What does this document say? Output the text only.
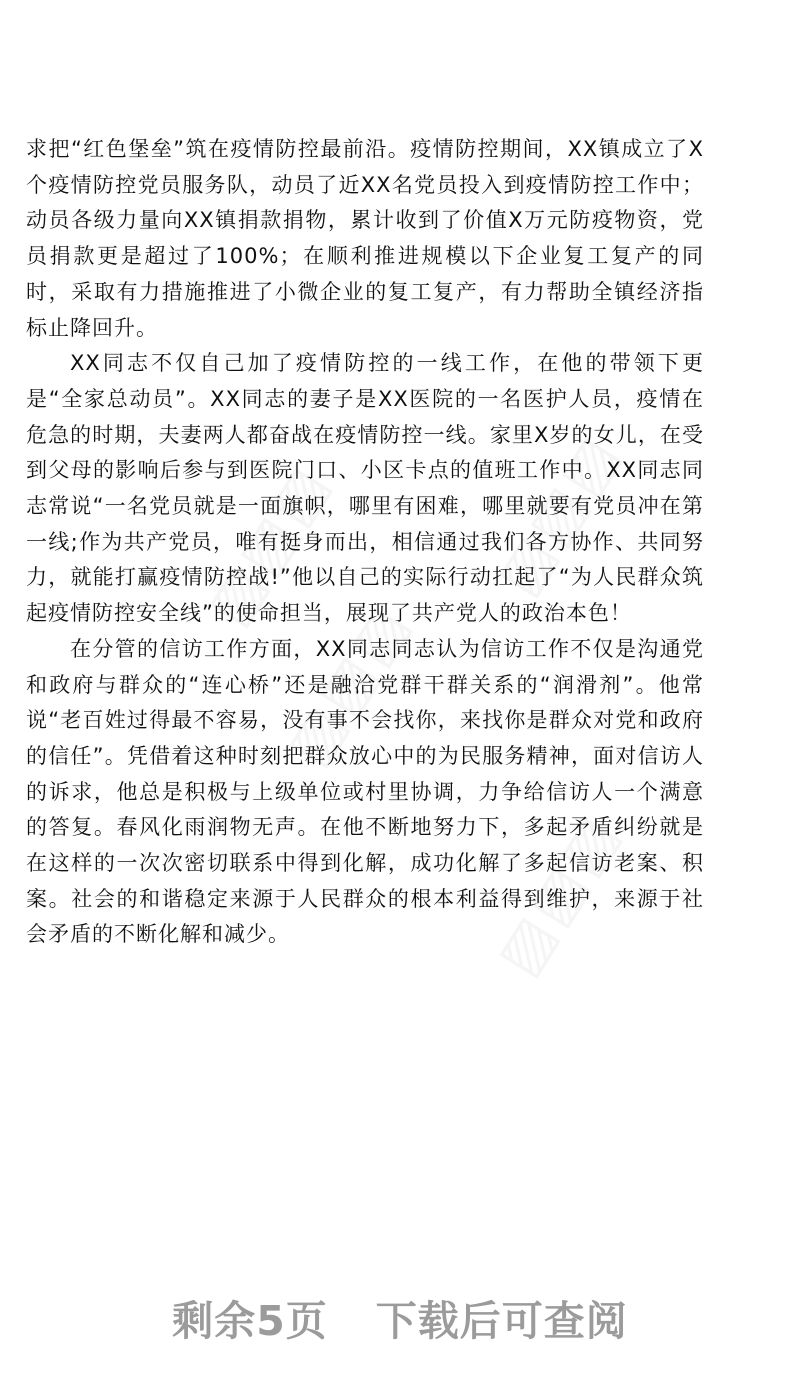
▨▨▨ ▨▨▨
▨▨▨
▨▨▨

求把“红色堡垒”筑在疫情防控最前沿。疫情防控期间，XX镇成立了X个疫情防控党员服务队，动员了近XX名党员投入到疫情防控工作中；动员各级力量向XX镇捐款捐物，累计收到了价值X万元防疫物资，党员捐款更是超过了100%；在顺利推进规模以下企业复工复产的同时，采取有力措施推进了小微企业的复工复产，有力帮助全镇经济指标止降回升。

XX同志不仅自己加了疫情防控的一线工作，在他的带领下更是“全家总动员”。XX同志的妻子是XX医院的一名医护人员，疫情在危急的时期，夫妻两人都奋战在疫情防控一线。家里X岁的女儿，在受到父母的影响后参与到医院门口、小区卡点的值班工作中。XX同志同志常说“一名党员就是一面旗帜，哪里有困难，哪里就要有党员冲在第一线;作为共产党员，唯有挺身而出，相信通过我们各方协作、共同努力，就能打赢疫情防控战!”他以自己的实际行动扛起了“为人民群众筑起疫情防控安全线”的使命担当，展现了共产党人的政治本色！

在分管的信访工作方面，XX同志同志认为信访工作不仅是沟通党和政府与群众的“连心桥”还是融洽党群干群关系的“润滑剂”。他常说“老百姓过得最不容易，没有事不会找你，来找你是群众对党和政府的信任”。凭借着这种时刻把群众放心中的为民服务精神，面对信访人的诉求，他总是积极与上级单位或村里协调，力争给信访人一个满意的答复。春风化雨润物无声。在他不断地努力下，多起矛盾纠纷就是在这样的一次次密切联系中得到化解，成功化解了多起信访老案、积案。社会的和谐稳定来源于人民群众的根本利益得到维护，来源于社会矛盾的不断化解和减少。

剩余5页 下载后可查阅
